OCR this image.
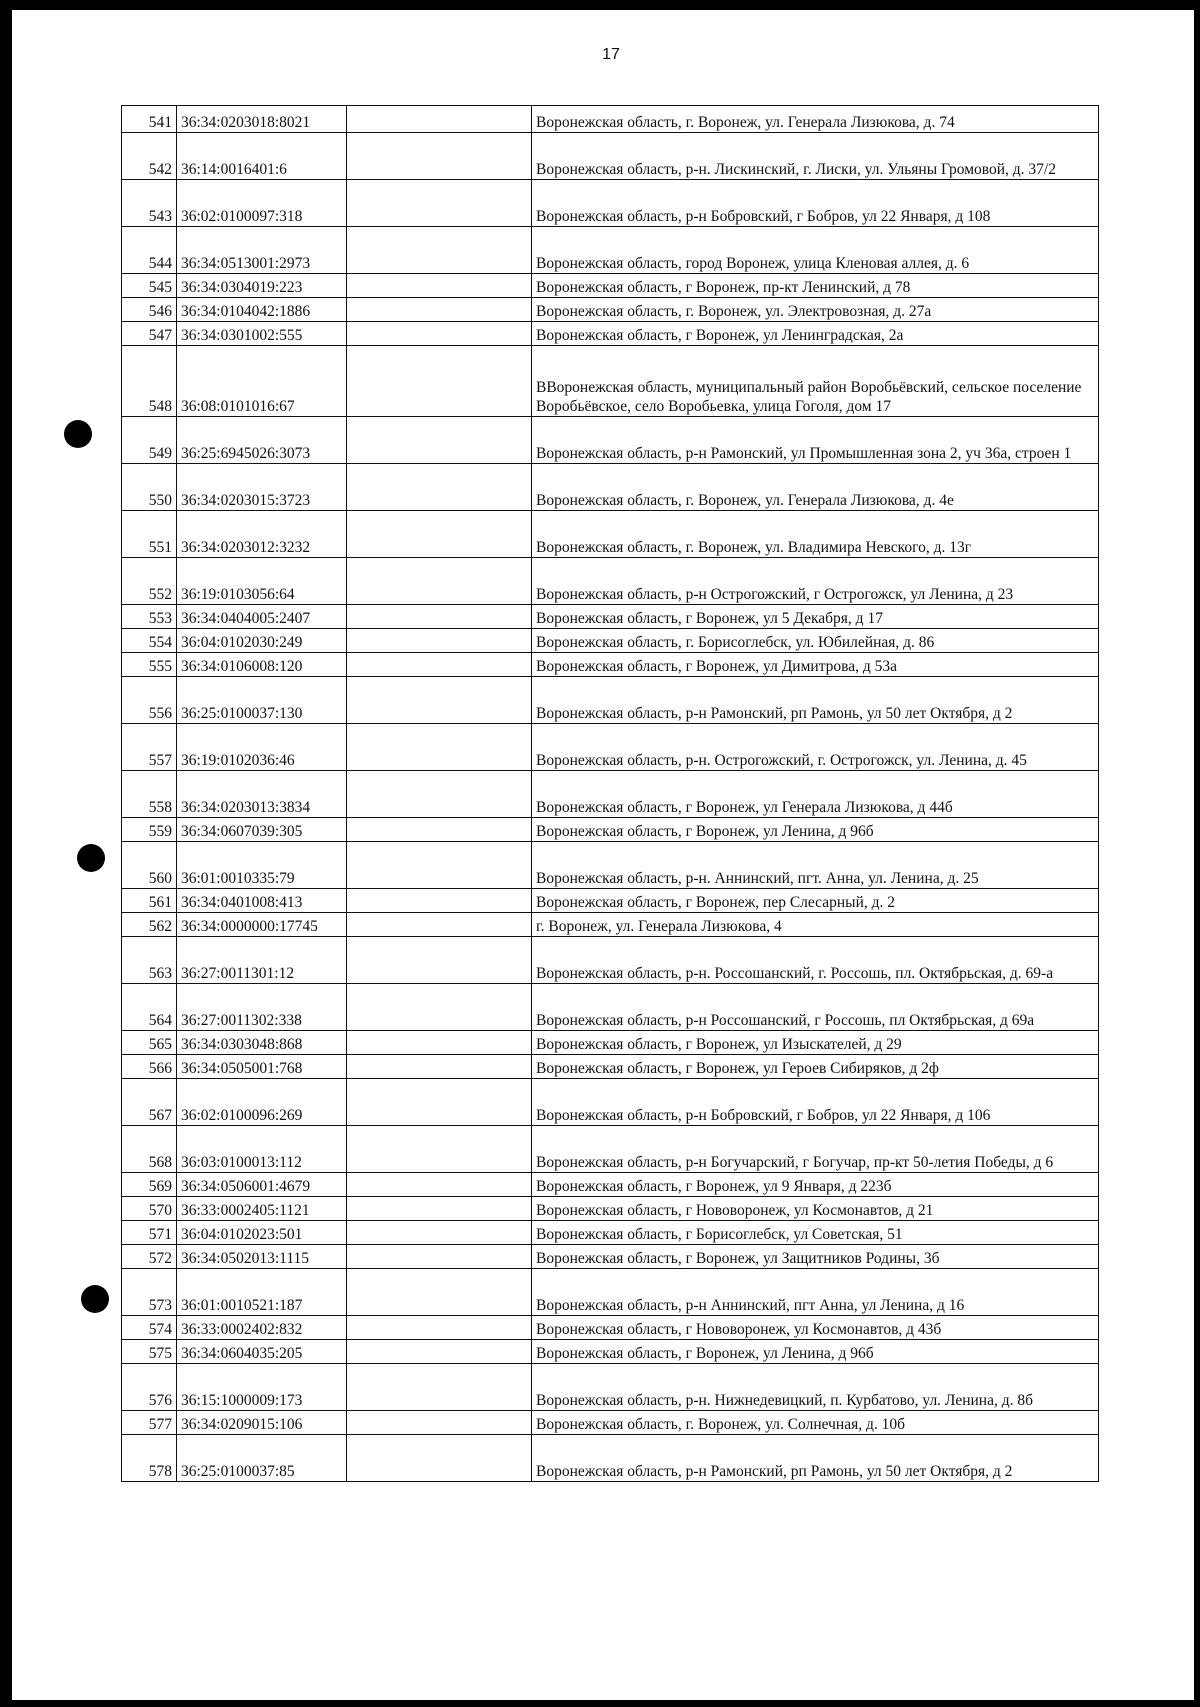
17
541	36:34:0203018:8021		Воронежская область, г. Воронеж, ул. Генерала Лизюкова, д. 74
542	36:14:0016401:6		Воронежская область, р-н. Лискинский, г. Лиски, ул. Ульяны Громовой, д. 37/2
543	36:02:0100097:318		Воронежская область, р-н Бобровский, г Бобров, ул 22 Января, д 108
544	36:34:0513001:2973		Воронежская область, город Воронеж, улица Кленовая аллея, д. 6
545	36:34:0304019:223		Воронежская область, г Воронеж, пр-кт Ленинский, д 78
546	36:34:0104042:1886		Воронежская область, г. Воронеж, ул. Электровозная, д. 27а
547	36:34:0301002:555		Воронежская область, г Воронеж, ул Ленинградская, 2а
548	36:08:0101016:67		ВВоронежская область, муниципальный район Воробьёвский, сельское поселение Воробьёвское, село Воробьевка, улица Гоголя, дом 17
549	36:25:6945026:3073		Воронежская область, р-н Рамонский, ул Промышленная зона 2, уч 36а, строен 1
550	36:34:0203015:3723		Воронежская область, г. Воронеж, ул. Генерала Лизюкова, д. 4е
551	36:34:0203012:3232		Воронежская область, г. Воронеж, ул. Владимира Невского, д. 13г
552	36:19:0103056:64		Воронежская область, р-н Острогожский, г Острогожск, ул Ленина, д 23
553	36:34:0404005:2407		Воронежская область, г Воронеж, ул 5 Декабря, д 17
554	36:04:0102030:249		Воронежская область, г. Борисоглебск, ул. Юбилейная, д. 86
555	36:34:0106008:120		Воронежская область, г Воронеж, ул Димитрова, д 53а
556	36:25:0100037:130		Воронежская область, р-н Рамонский, рп Рамонь, ул 50 лет Октября, д 2
557	36:19:0102036:46		Воронежская область, р-н. Острогожский, г. Острогожск, ул. Ленина, д. 45
558	36:34:0203013:3834		Воронежская область, г Воронеж, ул Генерала Лизюкова, д 44б
559	36:34:0607039:305		Воронежская область, г Воронеж, ул Ленина, д 96б
560	36:01:0010335:79		Воронежская область, р-н. Аннинский, пгт. Анна, ул. Ленина, д. 25
561	36:34:0401008:413		Воронежская область, г Воронеж, пер Слесарный, д. 2
562	36:34:0000000:17745		г. Воронеж, ул. Генерала Лизюкова, 4
563	36:27:0011301:12		Воронежская область, р-н. Россошанский, г. Россошь, пл. Октябрьская, д. 69-а
564	36:27:0011302:338		Воронежская область, р-н Россошанский, г Россошь, пл Октябрьская, д 69а
565	36:34:0303048:868		Воронежская область, г Воронеж, ул Изыскателей, д 29
566	36:34:0505001:768		Воронежская область, г Воронеж, ул Героев Сибиряков, д 2ф
567	36:02:0100096:269		Воронежская область, р-н Бобровский, г Бобров, ул 22 Января, д 106
568	36:03:0100013:112		Воронежская область, р-н Богучарский, г Богучар, пр-кт 50-летия Победы, д 6
569	36:34:0506001:4679		Воронежская область, г Воронеж, ул 9 Января, д 223б
570	36:33:0002405:1121		Воронежская область, г Нововоронеж, ул Космонавтов, д 21
571	36:04:0102023:501		Воронежская область, г Борисоглебск, ул Советская, 51
572	36:34:0502013:1115		Воронежская область, г Воронеж, ул Защитников Родины, 3б
573	36:01:0010521:187		Воронежская область, р-н Аннинский, пгт Анна, ул Ленина, д 16
574	36:33:0002402:832		Воронежская область, г Нововоронеж, ул Космонавтов, д 43б
575	36:34:0604035:205		Воронежская область, г Воронеж, ул Ленина, д 96б
576	36:15:1000009:173		Воронежская область, р-н. Нижнедевицкий, п. Курбатово, ул. Ленина, д. 8б
577	36:34:0209015:106		Воронежская область, г. Воронеж, ул. Солнечная, д. 10б
578	36:25:0100037:85		Воронежская область, р-н Рамонский, рп Рамонь, ул 50 лет Октября, д 2
